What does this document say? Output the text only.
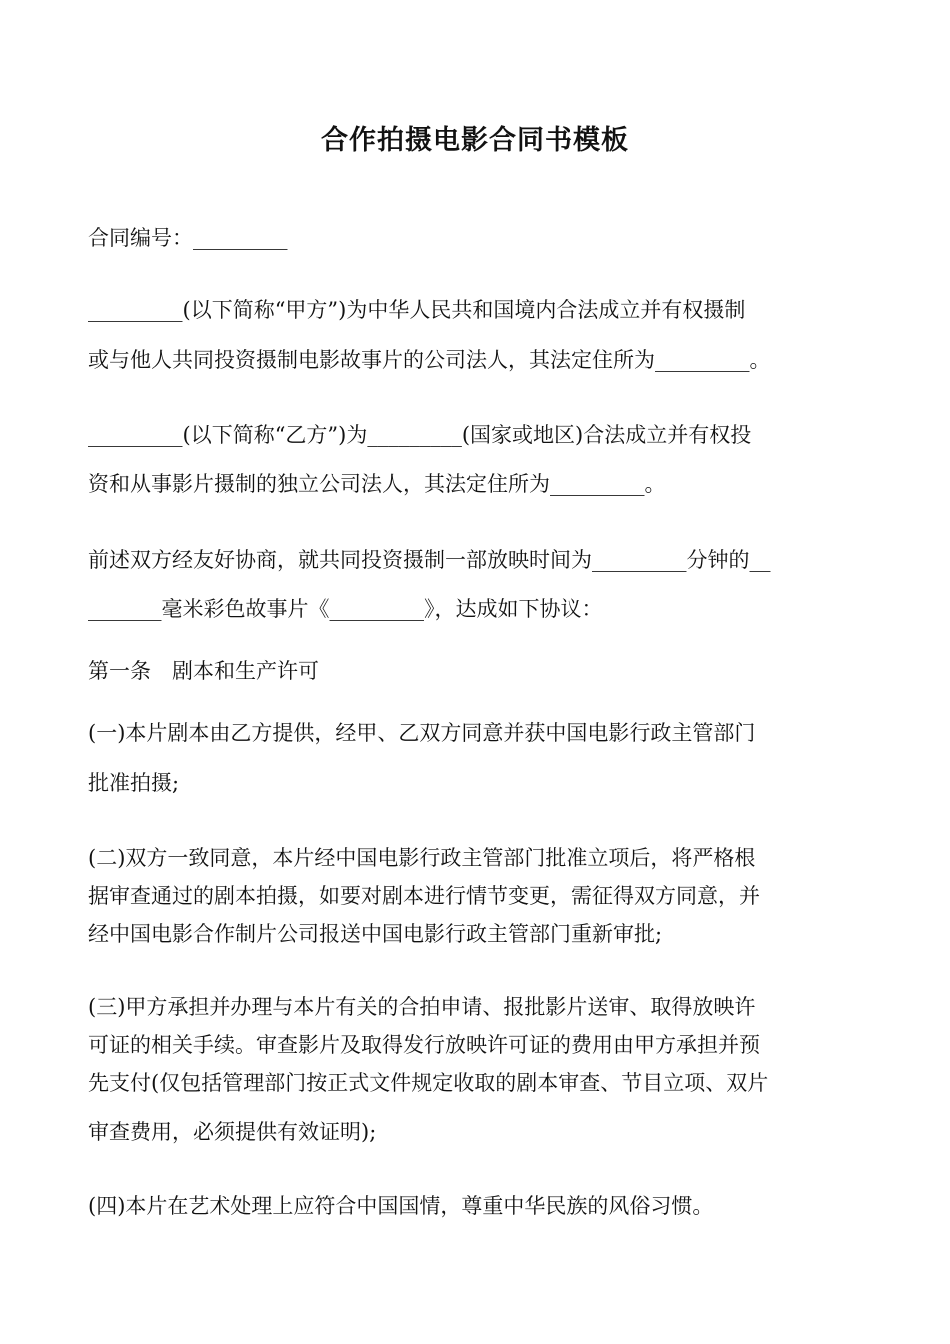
合作拍摄电影合同书模板
合同编号：_________
_________(以下简称“甲方”)为中华人民共和国境内合法成立并有权摄制
或与他人共同投资摄制电影故事片的公司法人，其法定住所为_________。
_________(以下简称“乙方”)为_________(国家或地区)合法成立并有权投
资和从事影片摄制的独立公司法人，其法定住所为_________。
前述双方经友好协商，就共同投资摄制一部放映时间为_________分钟的__
_______毫米彩色故事片《_________》，达成如下协议：
第一条　剧本和生产许可
(一)本片剧本由乙方提供，经甲、乙双方同意并获中国电影行政主管部门
批准拍摄;
(二)双方一致同意，本片经中国电影行政主管部门批准立项后，将严格根
据审查通过的剧本拍摄，如要对剧本进行情节变更，需征得双方同意，并
经中国电影合作制片公司报送中国电影行政主管部门重新审批;
(三)甲方承担并办理与本片有关的合拍申请、报批影片送审、取得放映许
可证的相关手续。审查影片及取得发行放映许可证的费用由甲方承担并预
先支付(仅包括管理部门按正式文件规定收取的剧本审查、节目立项、双片
审查费用，必须提供有效证明);
(四)本片在艺术处理上应符合中国国情，尊重中华民族的风俗习惯。
